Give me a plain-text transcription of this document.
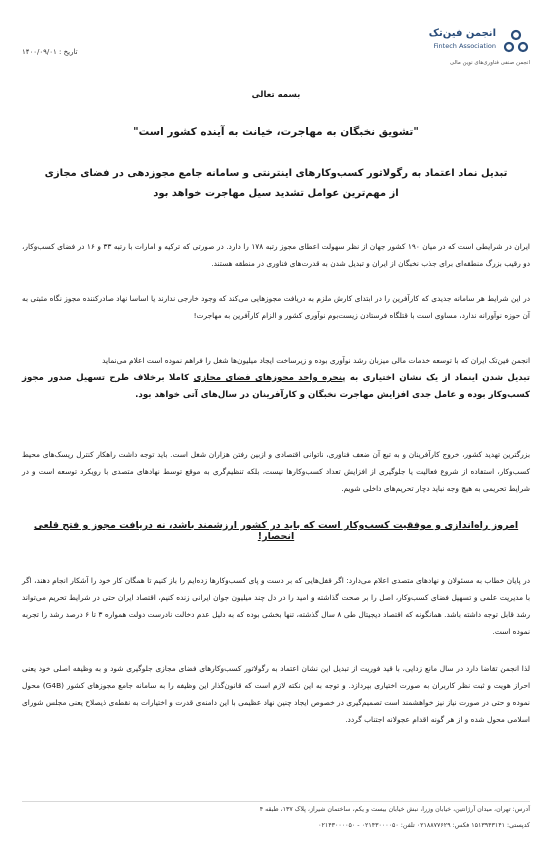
انجمن فین‌تک
Fintech Association
انجمن صنفی فناوری‌های نوین مالی
تاریخ : ۱۴۰۰/۰۹/۰۱
بسمه تعالی
"تشویق نخبگان به مهاجرت، خیانت به آینده کشور است"
تبدیل نماد اعتماد به رگولاتور کسب‌وکارهای اینترنتی و سامانه جامع مجوزدهی در فضای مجازی
از مهم‌ترین عوامل تشدید سیل مهاجرت خواهد بود
ایران در شرایطی است که در میان ۱۹۰ کشور جهان از نظر سهولت اعطای مجوز رتبه ۱۷۸ را دارد. در صورتی که ترکیه و امارات با رتبه ۳۳ و ۱۶ در فضای کسب‌وکار، دو رقیب بزرگ منطقه‌ای برای جذب نخبگان از ایران و تبدیل شدن به قدرت‌های فناوری در منطقه هستند.
در این شرایط هر سامانه جدیدی که کارآفرین را در ابتدای کارش ملزم به دریافت مجوزهایی می‌کند که وجود خارجی ندارند یا اساسا نهاد صادرکننده مجوز نگاه مثبتی به آن حوزه نوآورانه ندارد، مساوی است با قتلگاه فرستادن زیست‌بوم نوآوری کشور و الزام کارآفرین به مهاجرت!
انجمن فین‌تک ایران که با توسعه خدمات مالی میزبان رشد نوآوری بوده و زیرساخت ایجاد میلیون‌ها شغل را فراهم نموده است اعلام می‌نماید
تبدیل شدن اینماد از یک نشان اختیاری به پنجره واحد مجوزهای فضای مجازی کاملا برخلاف طرح تسهیل صدور مجوز کسب‌وکار بوده و عامل جدی افزایش مهاجرت نخبگان و کارآفرینان در سال‌های آتی خواهد بود.
بزرگترین تهدید کشور، خروج کارآفرینان و به تبع آن ضعف فناوری، ناتوانی اقتصادی و ازبین رفتن هزاران شغل است. باید توجه داشت راهکار کنترل ریسک‌های محیط کسب‌وکار، استفاده از شروع فعالیت یا جلوگیری از افزایش تعداد کسب‌وکارها نیست، بلکه تنظیم‌گری به موقع توسط نهادهای متصدی با رویکرد توسعه است و در شرایط تحریمی به هیچ وجه نباید دچار تحریم‌های داخلی شویم.
امروز راه‌اندازی و موفقیت کسب‌وکار است که باید در کشور ارزشمند باشد، نه دریافت مجوز و فتح قلعی انحصار!
در پایان خطاب به مسئولان و نهادهای متصدی اعلام می‌دارد: اگر قفل‌هایی که بر دست و پای کسب‌وکارها زده‌ایم را باز کنیم تا همگان کار خود را آشکار انجام دهند، اگر با مدیریت علمی و تسهیل فضای کسب‌وکار، اصل را بر صحت گذاشته و امید را در دل چند میلیون جوان ایرانی زنده کنیم، اقتصاد ایران حتی در شرایط تحریم می‌تواند رشد قابل توجه داشته باشد. همانگونه که اقتصاد دیجیتال طی ۸ سال گذشته، تنها بخشی بوده که به دلیل عدم دخالت نادرست دولت همواره ۳ تا ۶ درصد رشد را تجربه نموده است.
لذا انجمن تقاضا دارد در سال مانع زدایی، با قید فوریت از تبدیل این نشان اعتماد به رگولاتور کسب‌وکارهای فضای مجازی جلوگیری شود و به وظیفه اصلی خود یعنی احراز هویت و ثبت نظر کاربران به صورت اختیاری بپردازد. و توجه به این نکته لازم است که قانون‌گذار این وظیفه را به سامانه جامع مجوزهای کشور (G4B) محول نموده و حتی در صورت نیاز نیز خواهشمند است تصمیم‌گیری در خصوص ایجاد چنین نهاد عظیمی با این دامنه‌ی قدرت و اختیارات به نقطه‌ی ذیصلاح یعنی مجلس شورای اسلامی محول شده و از هر گونه اقدام عجولانه اجتناب گردد.
آدرس: تهران، میدان آرژانتین، خیابان وزرا، نبش خیابان بیست و یکم، ساختمان شیراز، پلاک ۱۳۷، طبقه ۴
کدپستی: ۱۵۱۳۹۴۳۱۴۱ فکس: ۰۲۱۸۸۷۷۶۲۹ تلفن: ۰۲۱۴۳۰۰۰۰۵۰ - ۰۲۱۴۳۰۰۰۰۵۰
